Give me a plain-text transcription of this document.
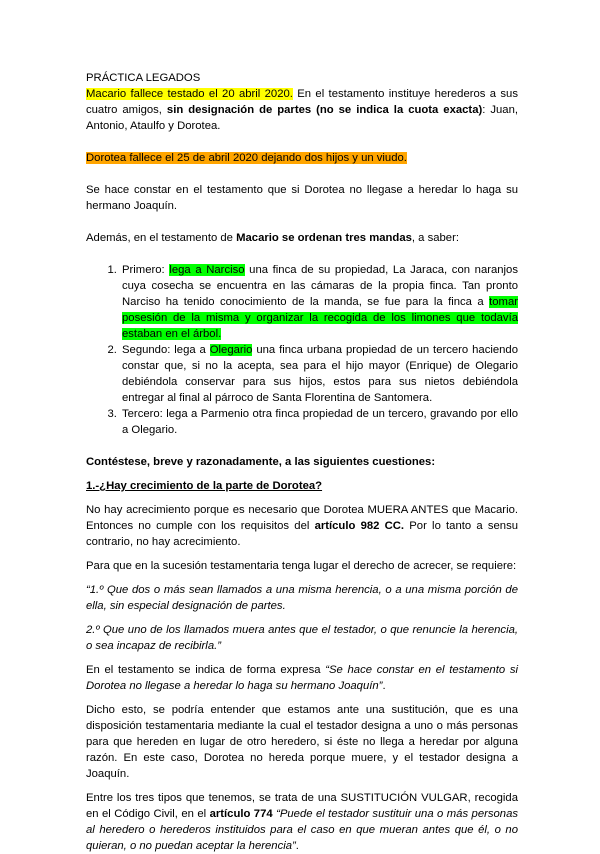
PRÁCTICA LEGADOS

Macario fallece testado el 20 abril 2020. En el testamento instituye herederos a sus cuatro amigos, sin designación de partes (no se indica la cuota exacta): Juan, Antonio, Ataulfo y Dorotea.

Dorotea fallece el 25 de abril 2020 dejando dos hijos y un viudo.

Se hace constar en el testamento que si Dorotea no llegase a heredar lo haga su hermano Joaquín.

Además, en el testamento de Macario se ordenan tres mandas, a saber:

1. Primero: lega a Narciso una finca de su propiedad, La Jaraca, con naranjos cuya cosecha se encuentra en las cámaras de la propia finca. Tan pronto Narciso ha tenido conocimiento de la manda, se fue para la finca a tomar posesión de la misma y organizar la recogida de los limones que todavía estaban en el árbol.
2. Segundo: lega a Olegario una finca urbana propiedad de un tercero haciendo constar que, si no la acepta, sea para el hijo mayor (Enrique) de Olegario debiéndola conservar para sus hijos, estos para sus nietos debiéndola entregar al final al párroco de Santa Florentina de Santomera.
3. Tercero: lega a Parmenio otra finca propiedad de un tercero, gravando por ello a Olegario.

Contéstese, breve y razonadamente, a las siguientes cuestiones:

1.-¿Hay crecimiento de la parte de Dorotea?

No hay acrecimiento porque es necesario que Dorotea MUERA ANTES que Macario. Entonces no cumple con los requisitos del artículo 982 CC. Por lo tanto a sensu contrario, no hay acrecimiento.

Para que en la sucesión testamentaria tenga lugar el derecho de acrecer, se requiere:

“1.º Que dos o más sean llamados a una misma herencia, o a una misma porción de ella, sin especial designación de partes.

2.º Que uno de los llamados muera antes que el testador, o que renuncie la herencia, o sea incapaz de recibirla.”

En el testamento se indica de forma expresa “Se hace constar en el testamento si Dorotea no llegase a heredar lo haga su hermano Joaquín”.

Dicho esto, se podría entender que estamos ante una sustitución, que es una disposición testamentaria mediante la cual el testador designa a uno o más personas para que hereden en lugar de otro heredero, si éste no llega a heredar por alguna razón. En este caso, Dorotea no hereda porque muere, y el testador designa a Joaquín.

Entre los tres tipos que tenemos, se trata de una SUSTITUCIÓN VULGAR, recogida en el Código Civil, en el artículo 774 “Puede el testador sustituir una o más personas al heredero o herederos instituidos para el caso en que mueran antes que él, o no quieran, o no puedan aceptar la herencia”.
